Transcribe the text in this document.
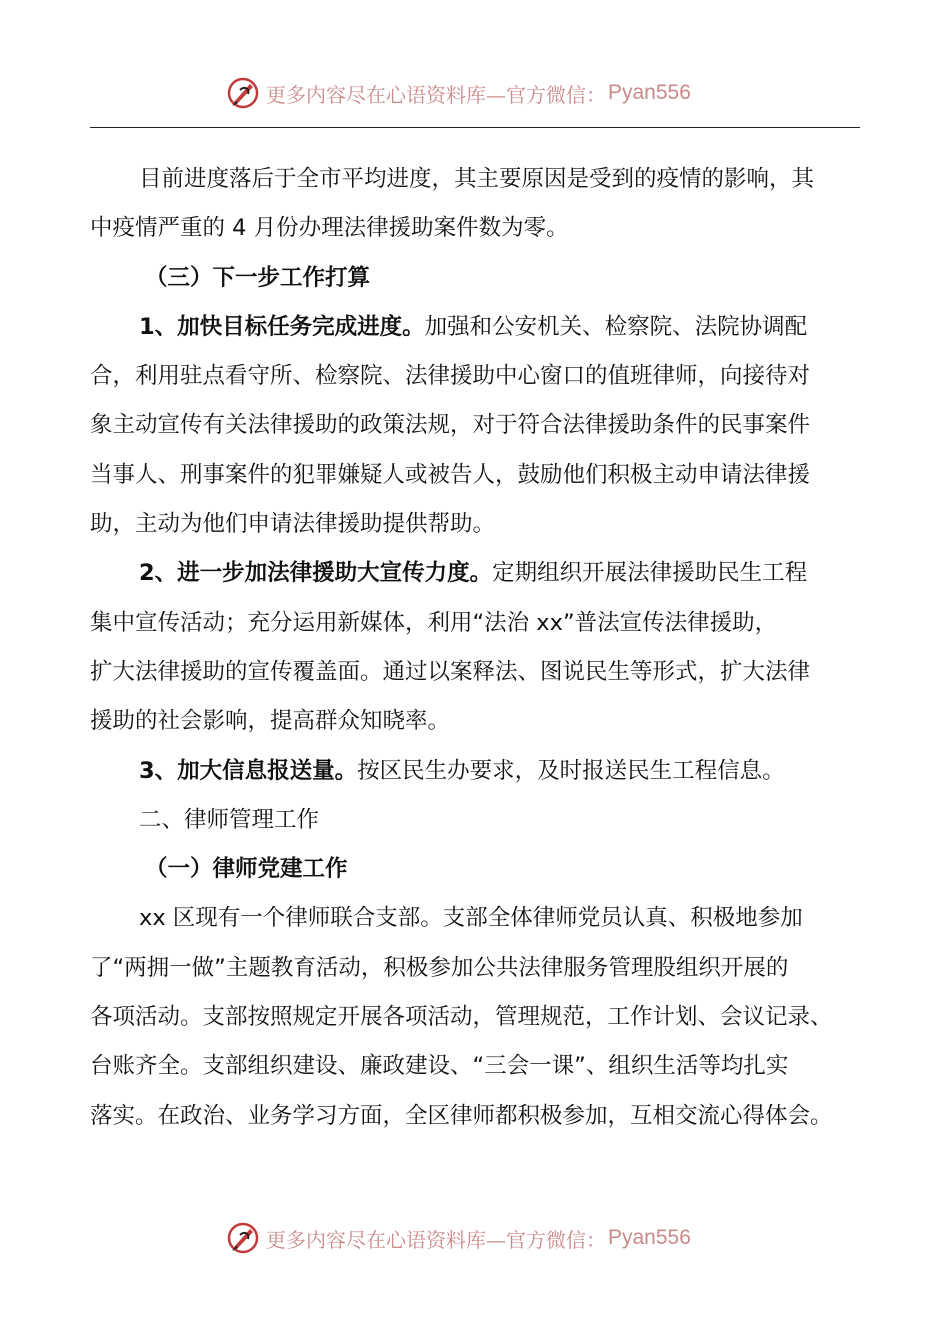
更多内容尽在心语资料库—官方微信： Pyan556
目前进度落后于全市平均进度，其主要原因是受到的疫情的影响，其
中疫情严重的 4 月份办理法律援助案件数为零。
（三）下一步工作打算
1、加快目标任务完成进度。加强和公安机关、检察院、法院协调配
合，利用驻点看守所、检察院、法律援助中心窗口的值班律师，向接待对
象主动宣传有关法律援助的政策法规，对于符合法律援助条件的民事案件
当事人、刑事案件的犯罪嫌疑人或被告人，鼓励他们积极主动申请法律援
助，主动为他们申请法律援助提供帮助。
2、进一步加法律援助大宣传力度。定期组织开展法律援助民生工程
集中宣传活动；充分运用新媒体，利用“法治 xx”普法宣传法律援助，
扩大法律援助的宣传覆盖面。通过以案释法、图说民生等形式，扩大法律
援助的社会影响，提高群众知晓率。
3、加大信息报送量。按区民生办要求，及时报送民生工程信息。
二、律师管理工作
（一）律师党建工作
xx 区现有一个律师联合支部。支部全体律师党员认真、积极地参加
了“两拥一做”主题教育活动，积极参加公共法律服务管理股组织开展的
各项活动。支部按照规定开展各项活动，管理规范，工作计划、会议记录、
台账齐全。支部组织建设、廉政建设、“三会一课”、组织生活等均扎实
落实。在政治、业务学习方面，全区律师都积极参加，互相交流心得体会。
更多内容尽在心语资料库—官方微信： Pyan556
